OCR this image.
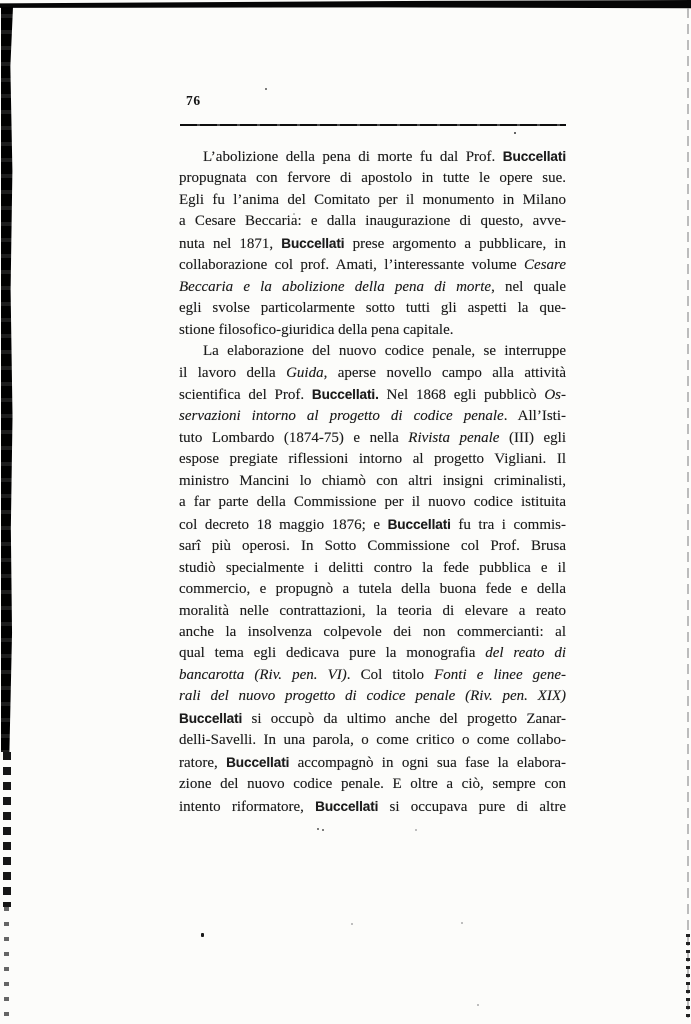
76
L’abolizione della pena di morte fu dal Prof. Buccellati
propugnata con fervore di apostolo in tutte le opere sue.
Egli fu l’anima del Comitato per il monumento in Milano
a Cesare Beccaria: e dalla inaugurazione di questo, avve-
nuta nel 1871, Buccellati prese argomento a pubblicare, in
collaborazione col prof. Amati, l’interessante volume Cesare
Beccaria e la abolizione della pena di morte, nel quale
egli svolse particolarmente sotto tutti gli aspetti la que-
stione filosofico-giuridica della pena capitale.
La elaborazione del nuovo codice penale, se interruppe
il lavoro della Guida, aperse novello campo alla attività
scientifica del Prof. Buccellati. Nel 1868 egli pubblicò Os-
servazioni intorno al progetto di codice penale. All’Isti-
tuto Lombardo (1874-75) e nella Rivista penale (III) egli
espose pregiate riflessioni intorno al progetto Vigliani. Il
ministro Mancini lo chiamò con altri insigni criminalisti,
a far parte della Commissione per il nuovo codice istituita
col decreto 18 maggio 1876; e Buccellati fu tra i commis-
sarî più operosi. In Sotto Commissione col Prof. Brusa
studiò specialmente i delitti contro la fede pubblica e il
commercio, e propugnò a tutela della buona fede e della
moralità nelle contrattazioni, la teoria di elevare a reato
anche la insolvenza colpevole dei non commercianti: al
qual tema egli dedicava pure la monografia del reato di
bancarotta (Riv. pen. VI). Col titolo Fonti e linee gene-
rali del nuovo progetto di codice penale (Riv. pen. XIX)
Buccellati si occupò da ultimo anche del progetto Zanar-
delli-Savelli. In una parola, o come critico o come collabo-
ratore, Buccellati accompagnò in ogni sua fase la elabora-
zione del nuovo codice penale. E oltre a ciò, sempre con
intento riformatore, Buccellati si occupava pure di altre
